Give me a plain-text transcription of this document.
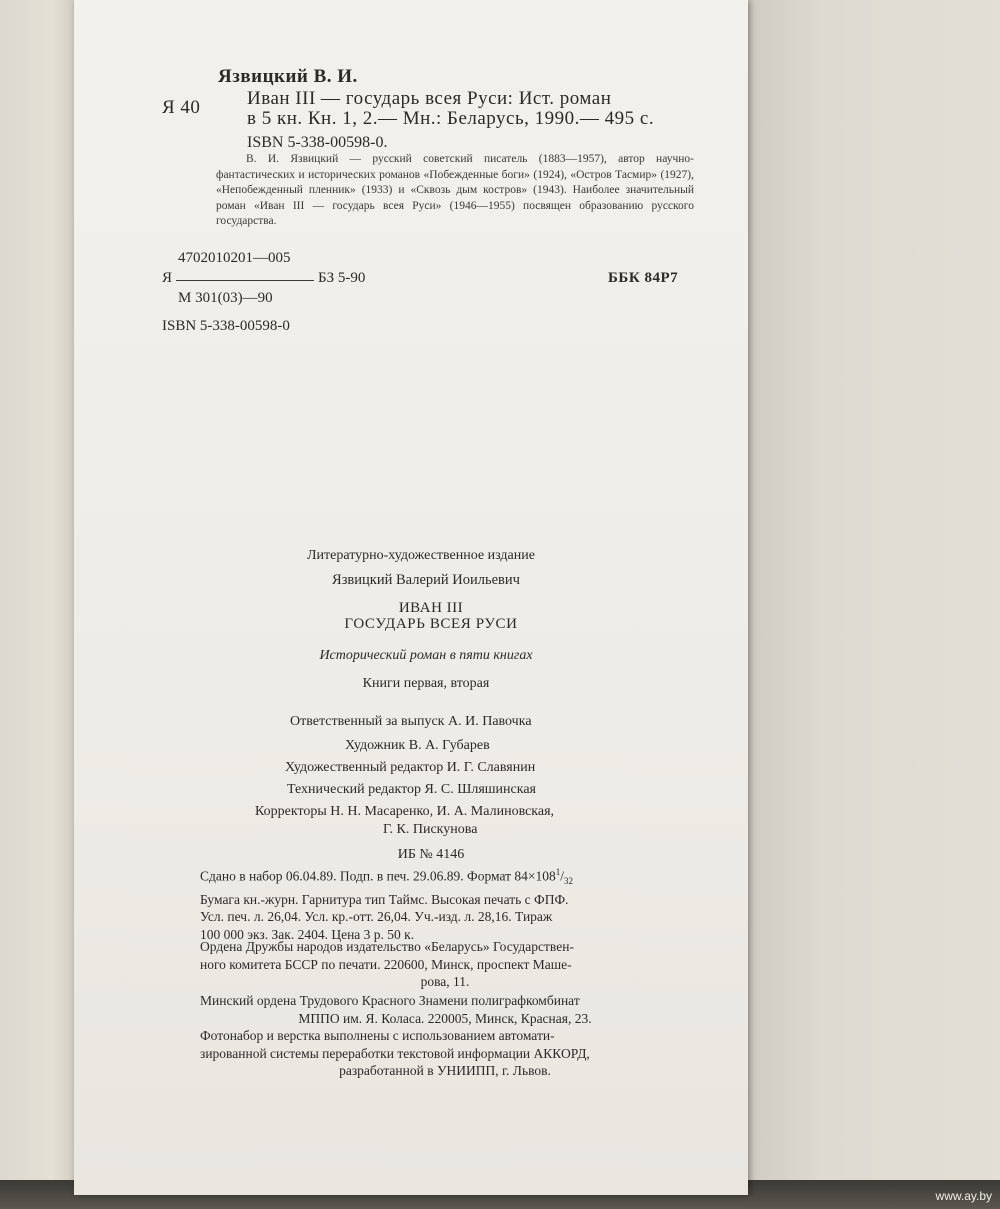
Язвицкий В. И.
Я 40 Иван III — государь всея Руси: Ист. роман
в 5 кн. Кн. 1, 2.— Мн.: Беларусь, 1990.— 495 с.
ISBN 5-338-00598-0.
В. И. Язвицкий — русский советский писатель (1883—1957), автор научно-фантастических и исторических романов «Побежденные боги» (1924), «Остров Тасмир» (1927), «Непобежденный пленник» (1933) и «Сквозь дым костров» (1943). Наиболее значительный роман «Иван III — государь всея Руси» (1946—1955) посвящен образованию русского государства.
4702010201—005
Я	БЗ 5-90
М 301(03)—90
ББК 84Р7
ISBN 5-338-00598-0
Литературно-художественное издание
Язвицкий Валерий Иоильевич
ИВАН III
ГОСУДАРЬ ВСЕЯ РУСИ
Исторический роман в пяти книгах
Книги первая, вторая
Ответственный за выпуск А. И. Павочка
Художник В. А. Губарев
Художественный редактор И. Г. Славянин
Технический редактор Я. С. Шляшинская
Корректоры Н. Н. Масаренко, И. А. Малиновская,
Г. К. Пискунова
ИБ № 4146
Сдано в набор 06.04.89. Подп. в печ. 29.06.89. Формат $84\times 108^1/_{32}$
Бумага кн.-журн. Гарнитура тип Таймс. Высокая печать с ФПФ.
Усл. печ. л. 26,04. Усл. кр.-отт. 26,04. Уч.-изд. л. 28,16. Тираж
100 000 экз. Зак. 2404. Цена 3 р. 50 к.
Ордена Дружбы народов издательство «Беларусь» Государствен-
ного комитета БССР по печати. 220600, Минск, проспект Маше-
рова, 11.
Минский ордена Трудового Красного Знамени полиграфкомбинат
МППО им. Я. Коласа. 220005, Минск, Красная, 23.
Фотонабор и верстка выполнены с использованием автомати-
зированной системы переработки текстовой информации АККОРД,
разработанной в УНИИПП, г. Львов.
www.ay.by
